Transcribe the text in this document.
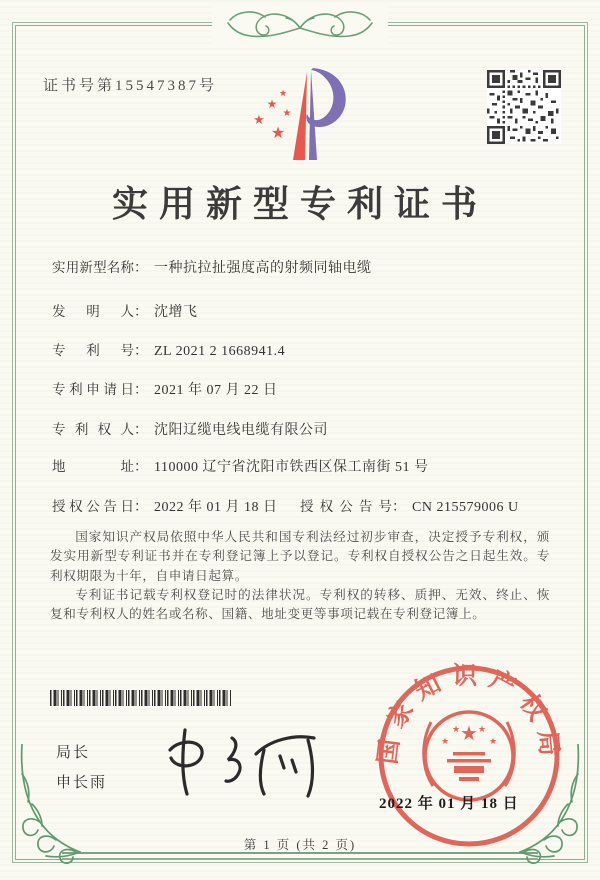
证书号第15547387号	★
★
★
★
★
实用新型专利证书
实用新型名称： 一种抗拉扯强度高的射频同轴电缆
发明人： 沈增飞
专利号： ZL 2021 2 1668941.4
专利申请日： 2021 年 07 月 22 日
专利权人： 沈阳辽缆电线电缆有限公司
地址： 110000 辽宁省沈阳市铁西区保工南街 51 号
授权公告日： 2022 年 01 月 18 日 授权公告号： CN 215579006 U

国家知识产权局依照中华人民共和国专利法经过初步审查，决定授予专利权，颁发实用新型专利证书并在专利登记簿上予以登记。专利权自授权公告之日起生效。专利权期限为十年，自申请日起算。

专利证书记载专利权登记时的法律状况。专利权的转移、质押、无效、终止、恢复和专利权人的姓名或名称、国籍、地址变更等事项记载在专利登记簿上。

局长
申长雨
国家知识产权局
★
★
★ ★
★
2022 年 01 月 18 日
第 1 页 (共 2 页)
